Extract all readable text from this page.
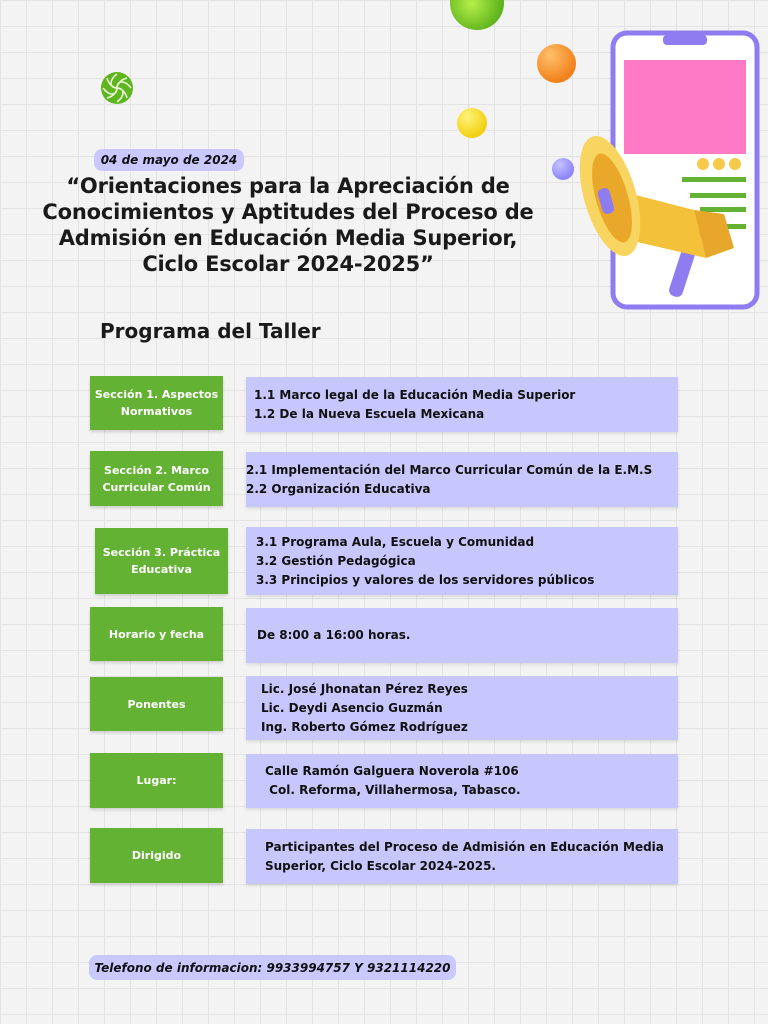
04 de mayo de 2024
“Orientaciones para la Apreciación de
Conocimientos y Aptitudes del Proceso de
Admisión en Educación Media Superior,
Ciclo Escolar 2024-2025”
Programa del Taller
Sección 1. Aspectos
Normativos
1.1 Marco legal de la Educación Media Superior
1.2 De la Nueva Escuela Mexicana
Sección 2. Marco
Curricular Común
2.1 Implementación del Marco Curricular Común de la E.M.S
2.2 Organización Educativa
Sección 3. Práctica
Educativa
3.1 Programa Aula, Escuela y Comunidad
3.2 Gestión Pedagógica
3.3 Principios y valores de los servidores públicos
Horario y fecha	De 8:00 a 16:00 horas.
Ponentes
Lic. José Jhonatan Pérez Reyes
Lic. Deydi Asencio Guzmán
Ing. Roberto Gómez Rodríguez
Lugar:
Calle Ramón Galguera Noverola #106
Col. Reforma, Villahermosa, Tabasco.
Dirigido
Participantes del Proceso de Admisión en Educación Media
Superior, Ciclo Escolar 2024-2025.
Telefono de informacion: 9933994757 Y 9321114220
